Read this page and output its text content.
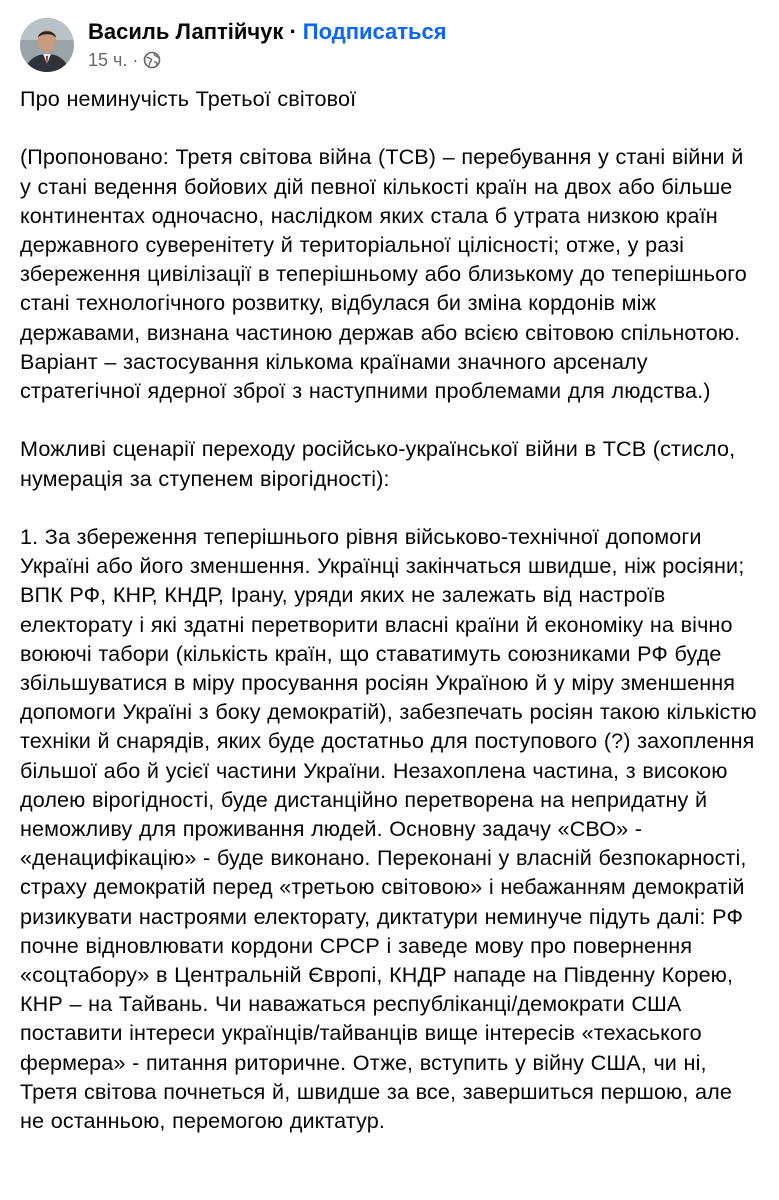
Василь Лаптійчук · Подписаться
15 ч. ·

Про неминучість Третьої світової

(Пропоновано: Третя світова війна (ТСВ) – перебування у стані війни й у стані ведення бойових дій певної кількості країн на двох або більше континентах одночасно, наслідком яких стала б утрата низкою країн державного суверенітету й територіальної цілісності; отже, у разі збереження цивілізації в теперішньому або близькому до теперішнього стані технологічного розвитку, відбулася би зміна кордонів між державами, визнана частиною держав або всією світовою спільнотою. Варіант – застосування кількома країнами значного арсеналу стратегічної ядерної зброї з наступними проблемами для людства.)

Можливі сценарії переходу російсько-української війни в ТСВ (стисло, нумерація за ступенем вірогідності):

1. За збереження теперішнього рівня військово-технічної допомоги Україні або його зменшення. Українці закінчаться швидше, ніж росіяни; ВПК РФ, КНР, КНДР, Ірану, уряди яких не залежать від настроїв електорату і які здатні перетворити власні країни й економіку на вічно воюючі табори (кількість країн, що ставатимуть союзниками РФ буде збільшуватися в міру просування росіян Україною й у міру зменшення допомоги Україні з боку демократій), забезпечать росіян такою кількістю техніки й снарядів, яких буде достатньо для поступового (?) захоплення більшої або й усієї частини України. Незахоплена частина, з високою долею вірогідності, буде дистанційно перетворена на непридатну й неможливу для проживання людей. Основну задачу «СВО» - «денацифікацію» - буде виконано. Переконані у власній безпокарності, страху демократій перед «третьою світовою» і небажанням демократій ризикувати настроями електорату, диктатури неминуче підуть далі: РФ почне відновлювати кордони СРСР і заведе мову про повернення «соцтабору» в Центральній Європі, КНДР нападе на Південну Корею, КНР – на Тайвань. Чи наважаться республіканці/демократи США поставити інтереси українців/тайванців вище інтересів «техаського фермера» - питання риторичне. Отже, вступить у війну США, чи ні, Третя світова почнеться й, швидше за все, завершиться першою, але не останньою, перемогою диктатур.
